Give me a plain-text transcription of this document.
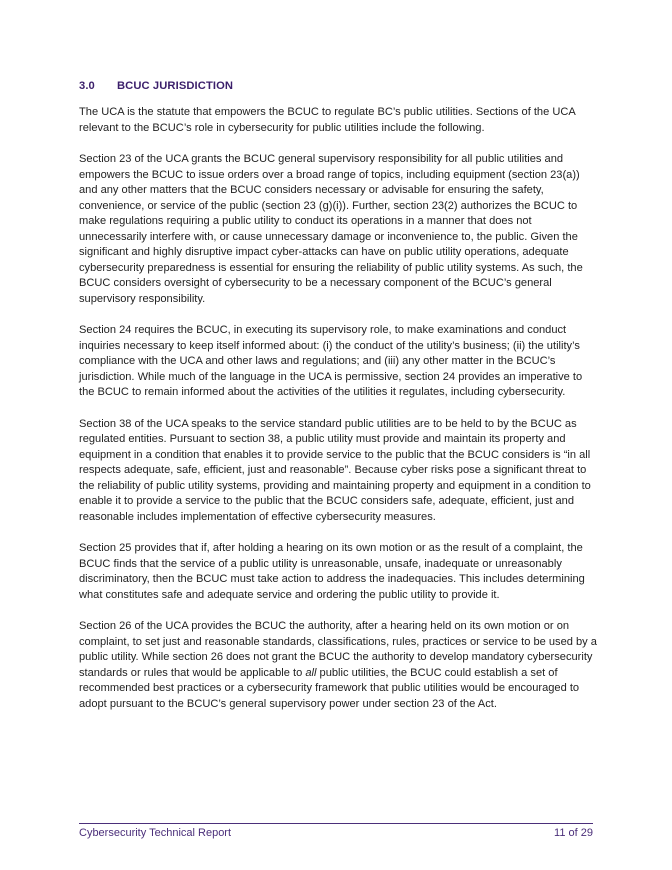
3.0 BCUC JURISDICTION

The UCA is the statute that empowers the BCUC to regulate BC’s public utilities. Sections of the UCA relevant to the BCUC’s role in cybersecurity for public utilities include the following.

Section 23 of the UCA grants the BCUC general supervisory responsibility for all public utilities and empowers the BCUC to issue orders over a broad range of topics, including equipment (section 23(a)) and any other matters that the BCUC considers necessary or advisable for ensuring the safety, convenience, or service of the public (section 23 (g)(i)). Further, section 23(2) authorizes the BCUC to make regulations requiring a public utility to conduct its operations in a manner that does not unnecessarily interfere with, or cause unnecessary damage or inconvenience to, the public. Given the significant and highly disruptive impact cyber-attacks can have on public utility operations, adequate cybersecurity preparedness is essential for ensuring the reliability of public utility systems. As such, the BCUC considers oversight of cybersecurity to be a necessary component of the BCUC’s general supervisory responsibility.

Section 24 requires the BCUC, in executing its supervisory role, to make examinations and conduct inquiries necessary to keep itself informed about: (i) the conduct of the utility’s business; (ii) the utility’s compliance with the UCA and other laws and regulations; and (iii) any other matter in the BCUC’s jurisdiction. While much of the language in the UCA is permissive, section 24 provides an imperative to the BCUC to remain informed about the activities of the utilities it regulates, including cybersecurity.

Section 38 of the UCA speaks to the service standard public utilities are to be held to by the BCUC as regulated entities. Pursuant to section 38, a public utility must provide and maintain its property and equipment in a condition that enables it to provide service to the public that the BCUC considers is “in all respects adequate, safe, efficient, just and reasonable”. Because cyber risks pose a significant threat to the reliability of public utility systems, providing and maintaining property and equipment in a condition to enable it to provide a service to the public that the BCUC considers safe, adequate, efficient, just and reasonable includes implementation of effective cybersecurity measures.

Section 25 provides that if, after holding a hearing on its own motion or as the result of a complaint, the BCUC finds that the service of a public utility is unreasonable, unsafe, inadequate or unreasonably discriminatory, then the BCUC must take action to address the inadequacies. This includes determining what constitutes safe and adequate service and ordering the public utility to provide it.

Section 26 of the UCA provides the BCUC the authority, after a hearing held on its own motion or on complaint, to set just and reasonable standards, classifications, rules, practices or service to be used by a public utility. While section 26 does not grant the BCUC the authority to develop mandatory cybersecurity standards or rules that would be applicable to all public utilities, the BCUC could establish a set of recommended best practices or a cybersecurity framework that public utilities would be encouraged to adopt pursuant to the BCUC’s general supervisory power under section 23 of the Act.

Cybersecurity Technical Report	11 of 29
